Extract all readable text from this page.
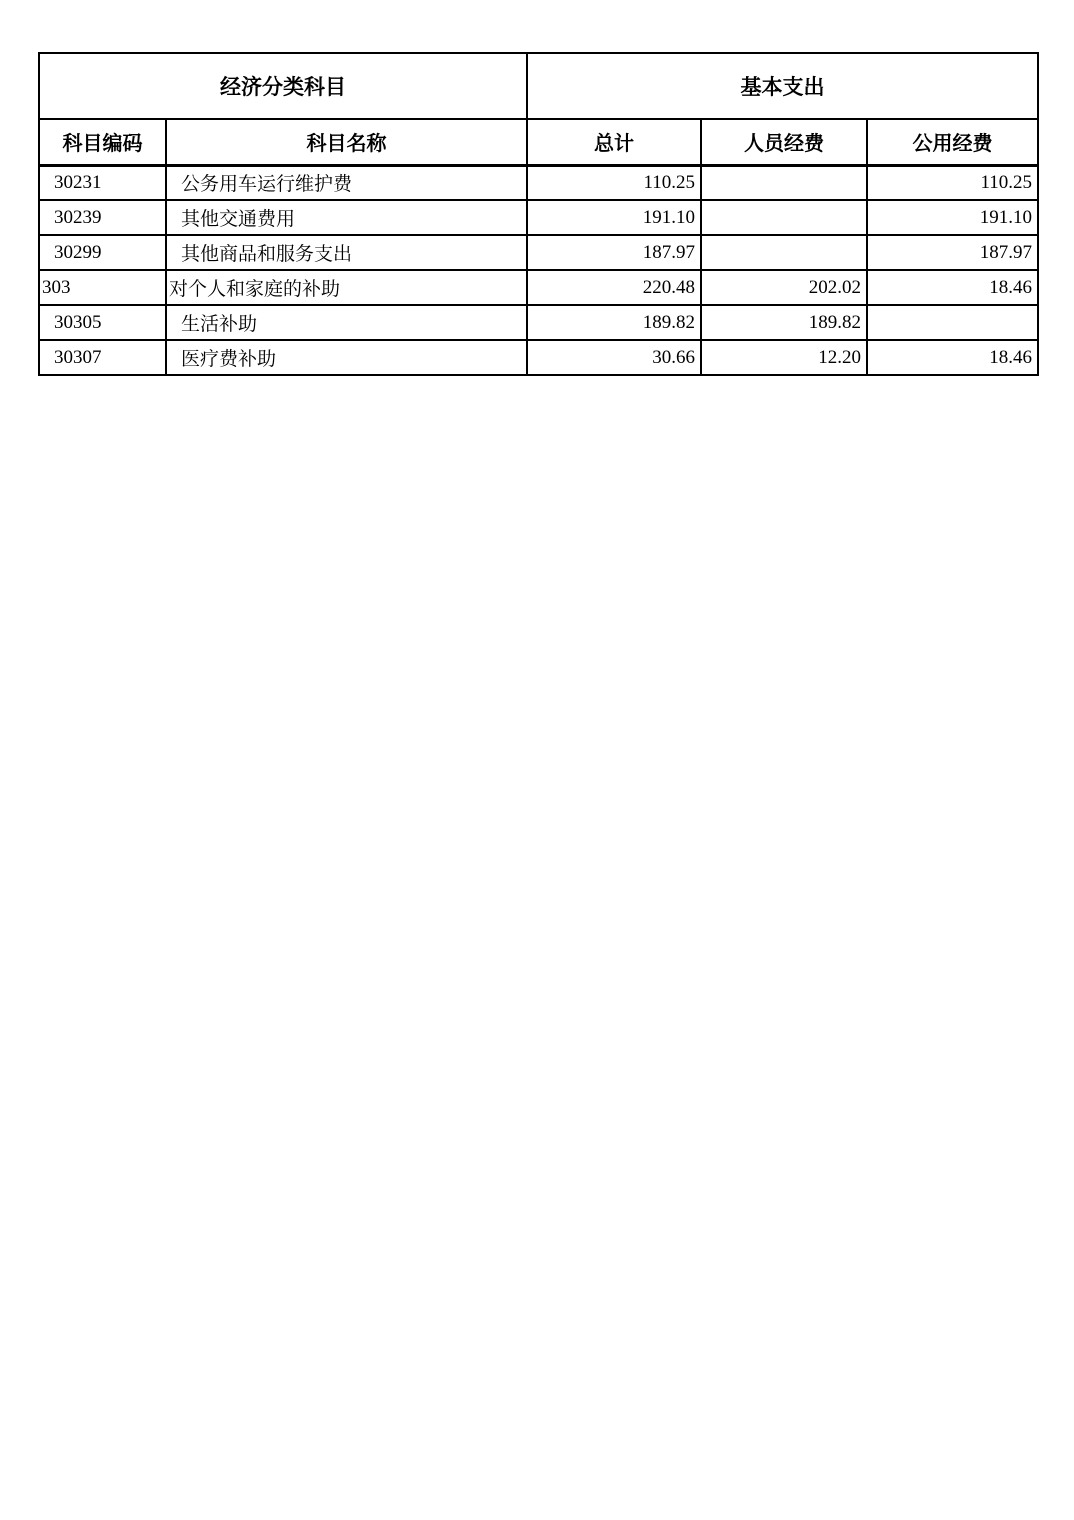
经济分类科目		基本支出		
科目编码	科目名称	总计	人员经费	公用经费
30231	公务用车运行维护费	110.25		110.25
30239	其他交通费用	191.10		191.10
30299	其他商品和服务支出	187.97		187.97
303	对个人和家庭的补助	220.48	202.02	18.46
30305	生活补助	189.82	189.82	
30307	医疗费补助	30.66	12.20	18.46
